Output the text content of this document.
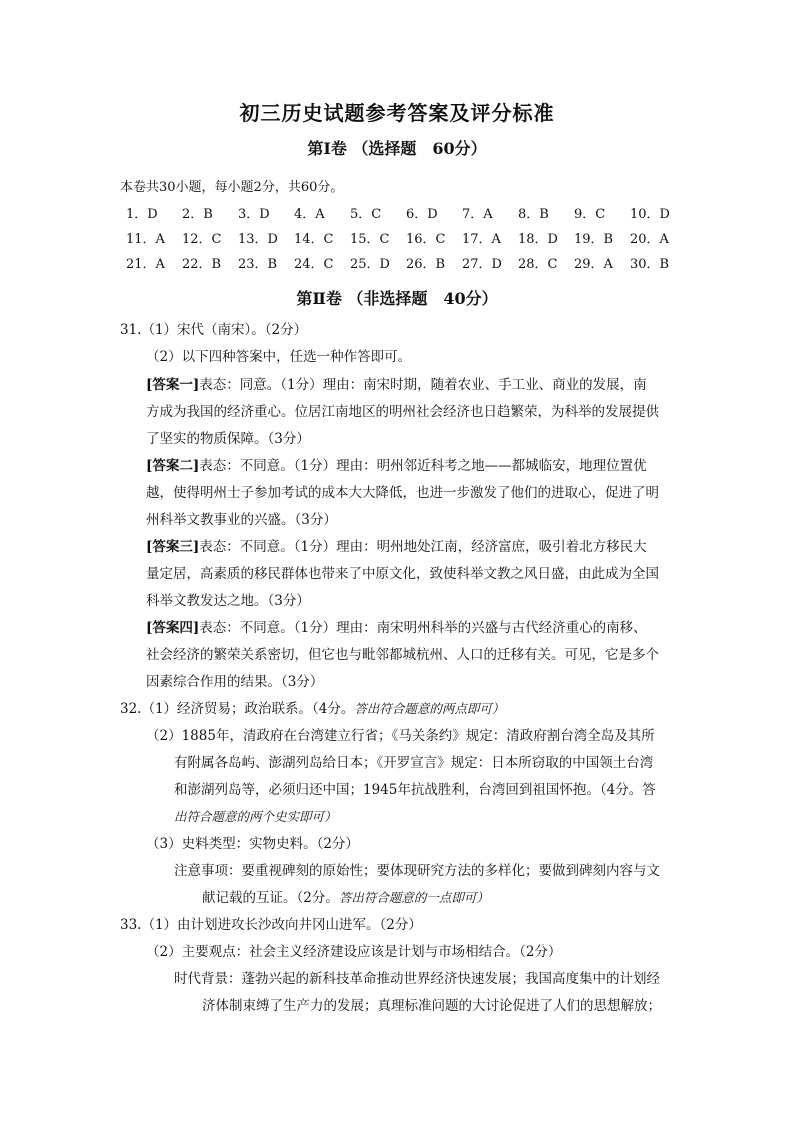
初三历史试题参考答案及评分标准
第Ⅰ卷 （选择题　60分）
本卷共30小题，每小题2分，共60分。
1．D	2．B	3．D	4．A	5．C	6．D	7．A	8．B	9．C	10．D
11．A	12．C	13．D	14．C	15．C	16．C	17．A	18．D	19．B	20．A
21．A	22．B	23．B	24．C	25．D	26．B	27．D	28．C	29．A	30．B
第Ⅱ卷 （非选择题　40分）
31.（1）宋代（南宋）。（2分）
（2）以下四种答案中，任选一种作答即可。
[答案一]表态：同意。（1分）理由：南宋时期，随着农业、手工业、商业的发展，南
方成为我国的经济重心。位居江南地区的明州社会经济也日趋繁荣，为科举的发展提供
了坚实的物质保障。（3分）
[答案二]表态：不同意。（1分）理由：明州邻近科考之地——都城临安，地理位置优
越，使得明州士子参加考试的成本大大降低，也进一步激发了他们的进取心，促进了明
州科举文教事业的兴盛。（3分）
[答案三]表态：不同意。（1分）理由：明州地处江南，经济富庶，吸引着北方移民大
量定居，高素质的移民群体也带来了中原文化，致使科举文教之风日盛，由此成为全国
科举文教发达之地。（3分）
[答案四]表态：不同意。（1分）理由：南宋明州科举的兴盛与古代经济重心的南移、
社会经济的繁荣关系密切，但它也与毗邻都城杭州、人口的迁移有关。可见，它是多个
因素综合作用的结果。（3分）
32.（1）经济贸易；政治联系。（4分。答出符合题意的两点即可）
（2）1885年，清政府在台湾建立行省；《马关条约》规定：清政府割台湾全岛及其所
有附属各岛屿、澎湖列岛给日本；《开罗宣言》规定：日本所窃取的中国领土台湾
和澎湖列岛等，必须归还中国；1945年抗战胜利，台湾回到祖国怀抱。（4分。答
出符合题意的两个史实即可）
（3）史料类型：实物史料。（2分）
注意事项：要重视碑刻的原始性；要体现研究方法的多样化；要做到碑刻内容与文
献记载的互证。（2分。答出符合题意的一点即可）
33.（1）由计划进攻长沙改向井冈山进军。（2分）
（2）主要观点：社会主义经济建设应该是计划与市场相结合。（2分）
时代背景：蓬勃兴起的新科技革命推动世界经济快速发展；我国高度集中的计划经
济体制束缚了生产力的发展；真理标准问题的大讨论促进了人们的思想解放；
